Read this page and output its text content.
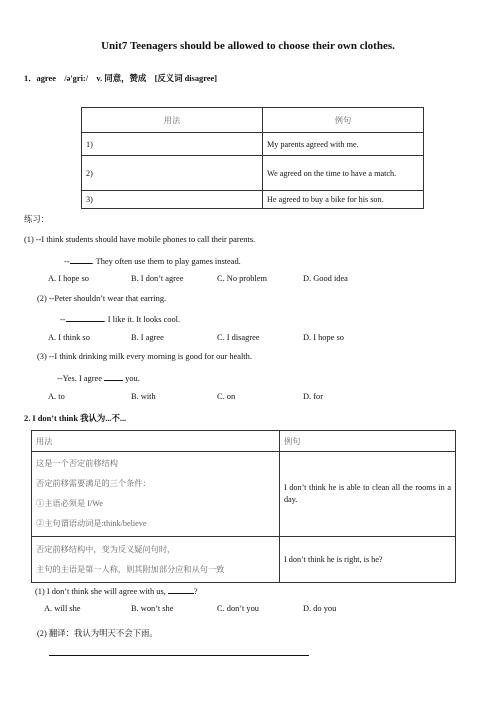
Unit7 Teenagers should be allowed to choose their own clothes.
1．agree　/ə'gri:/　v. 同意，赞成　[反义词 disagree]
用法	例句
1)	My parents agreed with me.
2)	We agreed on the time to have a match.
3)	He agreed to buy a bike for his son.
练习：
(1) --I think students should have mobile phones to call their parents.
--	. They often use them to play games instead.
A. I hope so	B. I don’t agree	C. No problem	D. Good idea
(2) --Peter shouldn’t wear that earring.
--	. I like it. It looks cool.
A. I think so	B. I agree	C. I disagree	D. I hope so
(3) --I think drinking milk every morning is good for our health.
--Yes. I agree  you.
A. to	B. with	C. on	D. for
2. I don’t think 我认为...不...
用法	例句

这是一个否定前移结构
否定前移需要满足的三个条件：
①主语必须是 I/We
②主句谓语动词是:think/believe	I don’t think he is able to clean all the rooms in a day.

否定前移结构中，变为反义疑问句时，
主句的主语是第一人称，则其附加部分应和从句一致	I don’t think he is right, is he?
(1) I don’t think she will agree with us,	?
A. will she	B. won’t she	C. don’t you	D. do you
(2) 翻译：我认为明天不会下雨。
